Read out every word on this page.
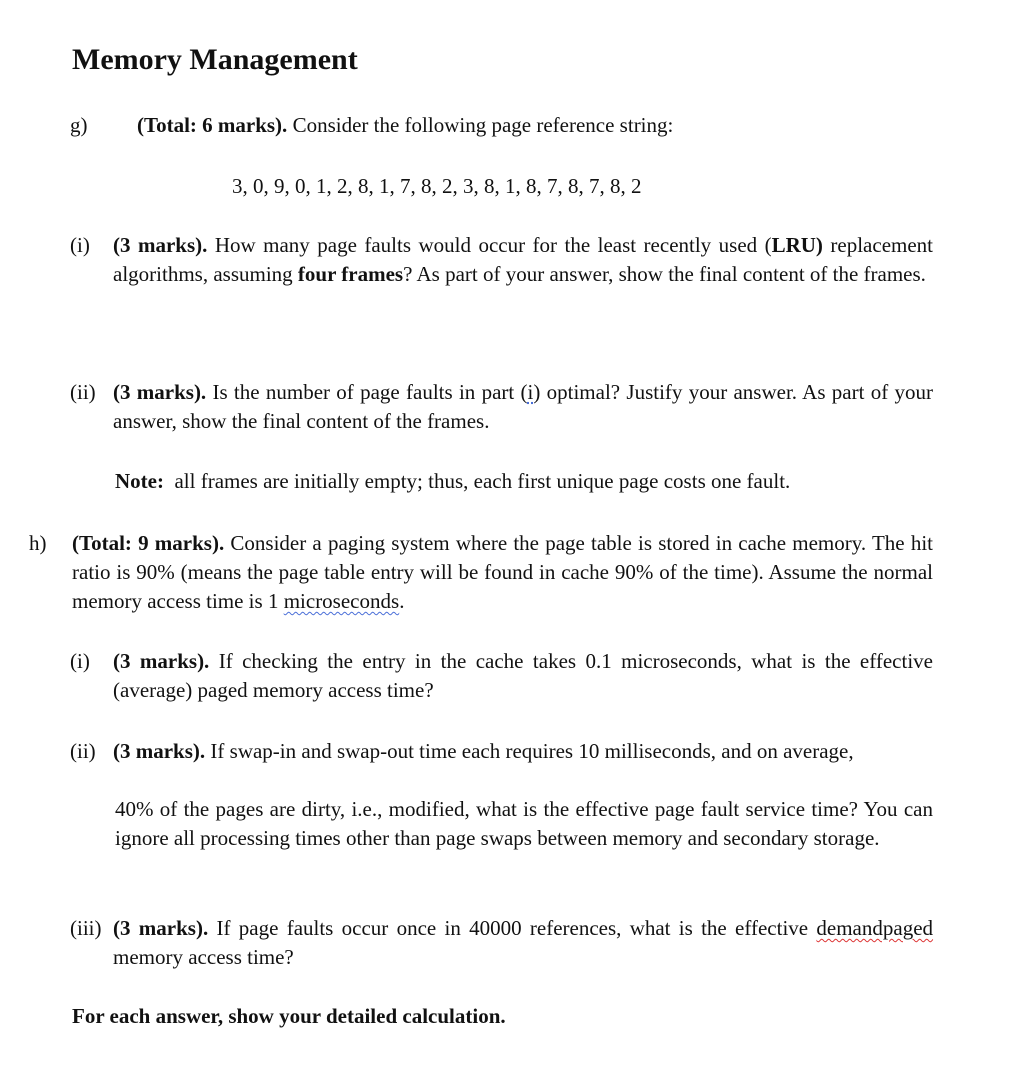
Memory Management
g) (Total: 6 marks). Consider the following page reference string:
3, 0, 9, 0, 1, 2, 8, 1, 7, 8, 2, 3, 8, 1, 8, 7, 8, 7, 8, 2
(i) (3 marks). How many page faults would occur for the least recently used (LRU) replacement algorithms, assuming four frames? As part of your answer, show the final content of the frames.
(ii) (3 marks). Is the number of page faults in part (i) optimal? Justify your answer. As part of your answer, show the final content of the frames.
Note: all frames are initially empty; thus, each first unique page costs one fault.
h) (Total: 9 marks). Consider a paging system where the page table is stored in cache memory. The hit ratio is 90% (means the page table entry will be found in cache 90% of the time). Assume the normal memory access time is 1 microseconds.
(i) (3 marks). If checking the entry in the cache takes 0.1 microseconds, what is the effective (average) paged memory access time?
(ii) (3 marks). If swap-in and swap-out time each requires 10 milliseconds, and on average,
40% of the pages are dirty, i.e., modified, what is the effective page fault service time? You can ignore all processing times other than page swaps between memory and secondary storage.
(iii) (3 marks). If page faults occur once in 40000 references, what is the effective demandpaged memory access time?
For each answer, show your detailed calculation.
